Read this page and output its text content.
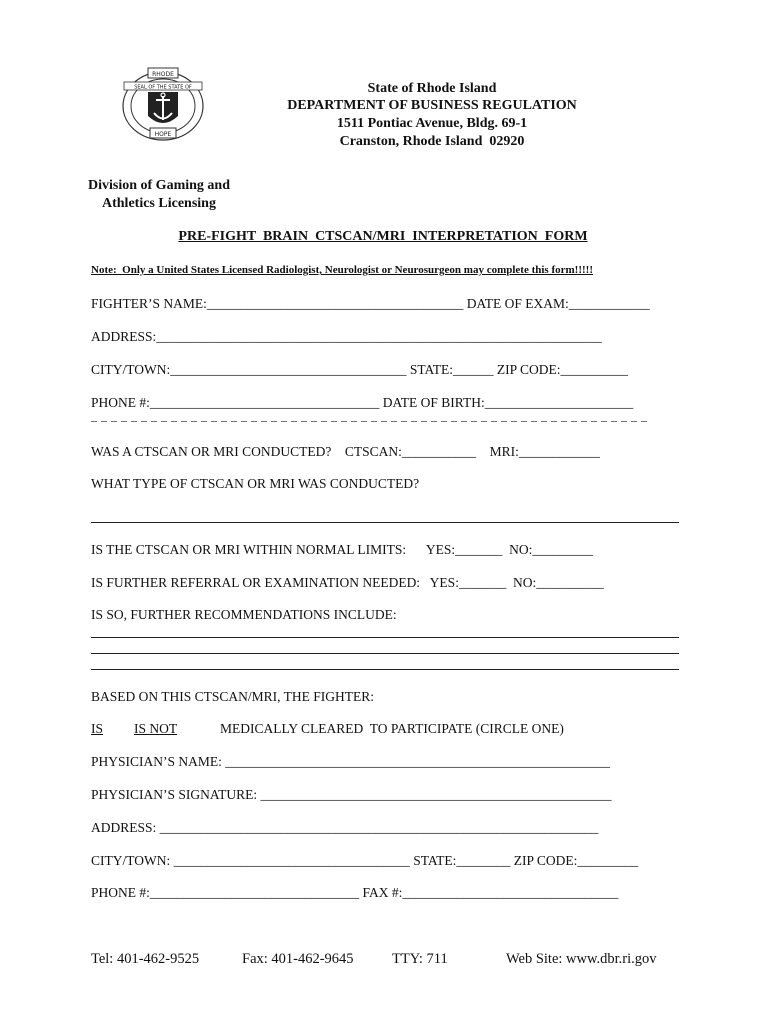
RHODE
SEAL OF THE STATE OF
HOPE
State of Rhode Island
DEPARTMENT OF BUSINESS REGULATION
1511 Pontiac Avenue, Bldg. 69-1
Cranston, Rhode Island  02920
Division of Gaming and
Athletics Licensing
PRE-FIGHT  BRAIN  CTSCAN/MRI  INTERPRETATION  FORM
Note:  Only a United States Licensed Radiologist, Neurologist or Neurosurgeon may complete this form!!!!!
FIGHTER’S NAME:______________________________________ DATE OF EXAM:____________
ADDRESS:__________________________________________________________________
CITY/TOWN:___________________________________ STATE:______ ZIP CODE:__________
PHONE #:__________________________________ DATE OF BIRTH:______________________
– – – – – – – – – – – – – – – – – – – – – – – – – – – – – – – – – – – – – – – – – – – – – – – – – – – – – – – –
WAS A CTSCAN OR MRI CONDUCTED?    CTSCAN:___________    MRI:____________
WHAT TYPE OF CTSCAN OR MRI WAS CONDUCTED?
IS THE CTSCAN OR MRI WITHIN NORMAL LIMITS:      YES:_______  NO:_________
IS FURTHER REFERRAL OR EXAMINATION NEEDED:   YES:_______  NO:__________
IS SO, FURTHER RECOMMENDATIONS INCLUDE:
BASED ON THIS CTSCAN/MRI, THE FIGHTER:
IS IS NOT	MEDICALLY CLEARED  TO PARTICIPATE (CIRCLE ONE)
PHYSICIAN’S NAME: _________________________________________________________
PHYSICIAN’S SIGNATURE: ____________________________________________________
ADDRESS: _________________________________________________________________
CITY/TOWN: ___________________________________ STATE:________ ZIP CODE:_________
PHONE #:_______________________________ FAX #:________________________________
Tel: 401-462-9525	Fax: 401-462-9645	TTY: 711	Web Site: www.dbr.ri.gov
